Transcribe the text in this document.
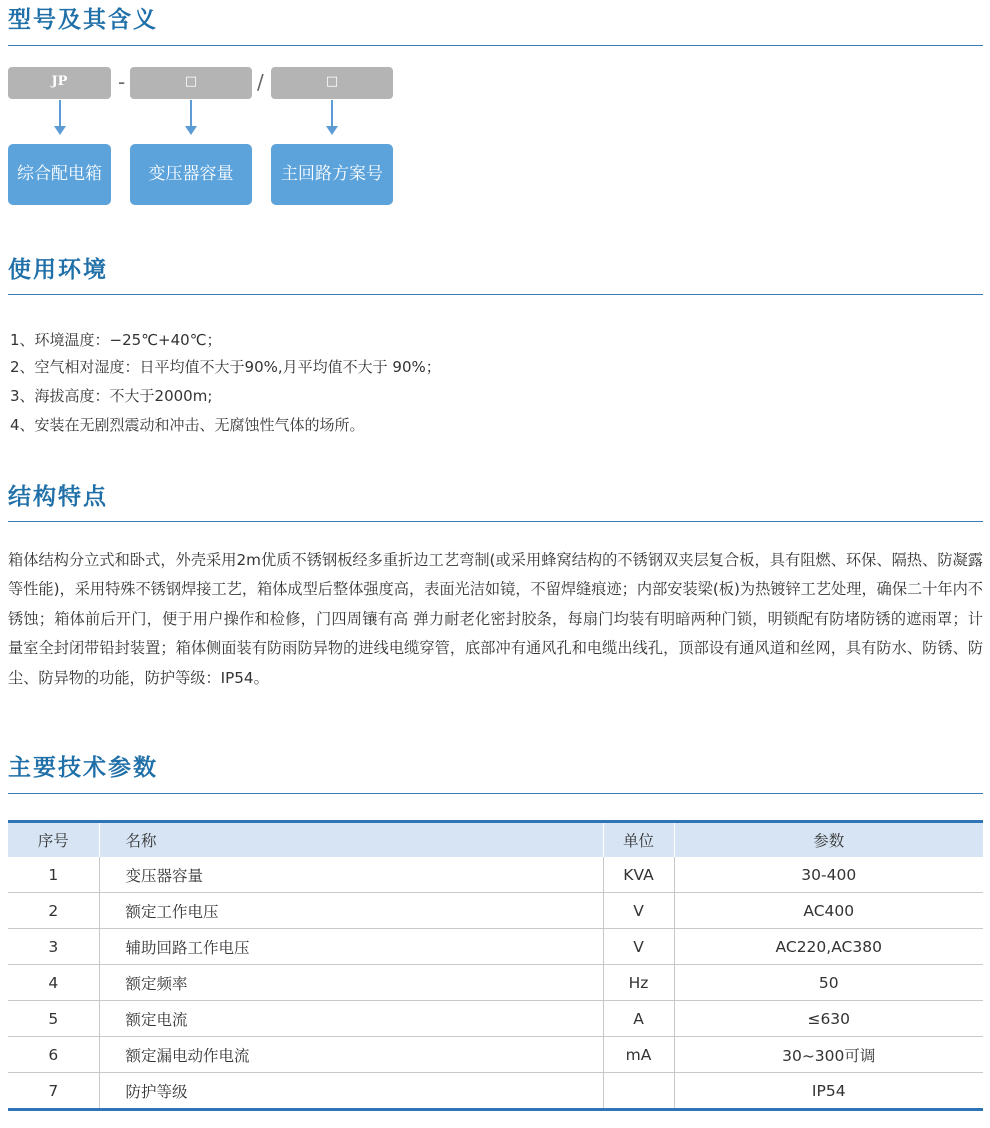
型号及其含义
JP	-	□	/	□
综合配电箱	变压器容量	主回路方案号
使用环境
1、环境温度：−25℃+40℃；
2、空气相对湿度：日平均值不大于90%,月平均值不大于 90%；
3、海拔高度：不大于2000m;
4、安装在无剧烈震动和冲击、无腐蚀性气体的场所。
结构特点
箱体结构分立式和卧式，外壳采用2m优质不锈钢板经多重折边工艺弯制(或采用蜂窝结构的不锈钢双夹层复合板，具有阻燃、环保、隔热、防凝露等性能)，采用特殊不锈钢焊接工艺，箱体成型后整体强度高，表面光洁如镜，不留焊缝痕迹；内部安装梁(板)为热镀锌工艺处理，确保二十年内不锈蚀；箱体前后开门，便于用户操作和检修，门四周镶有高 弹力耐老化密封胶条，每扇门均装有明暗两种门锁，明锁配有防堵防锈的遮雨罩；计量室全封闭带铅封装置；箱体侧面装有防雨防异物的进线电缆穿管，底部冲有通风孔和电缆出线孔，顶部设有通风道和丝网，具有防水、防锈、防尘、防异物的功能，防护等级：IP54。
主要技术参数
序号	名称	单位	参数
1	变压器容量	KVA	30-400
2	额定工作电压	V	AC400
3	辅助回路工作电压	V	AC220,AC380
4	额定频率	Hz	50
5	额定电流	A	≤630
6	额定漏电动作电流	mA	30~300可调
7	防护等级		IP54
